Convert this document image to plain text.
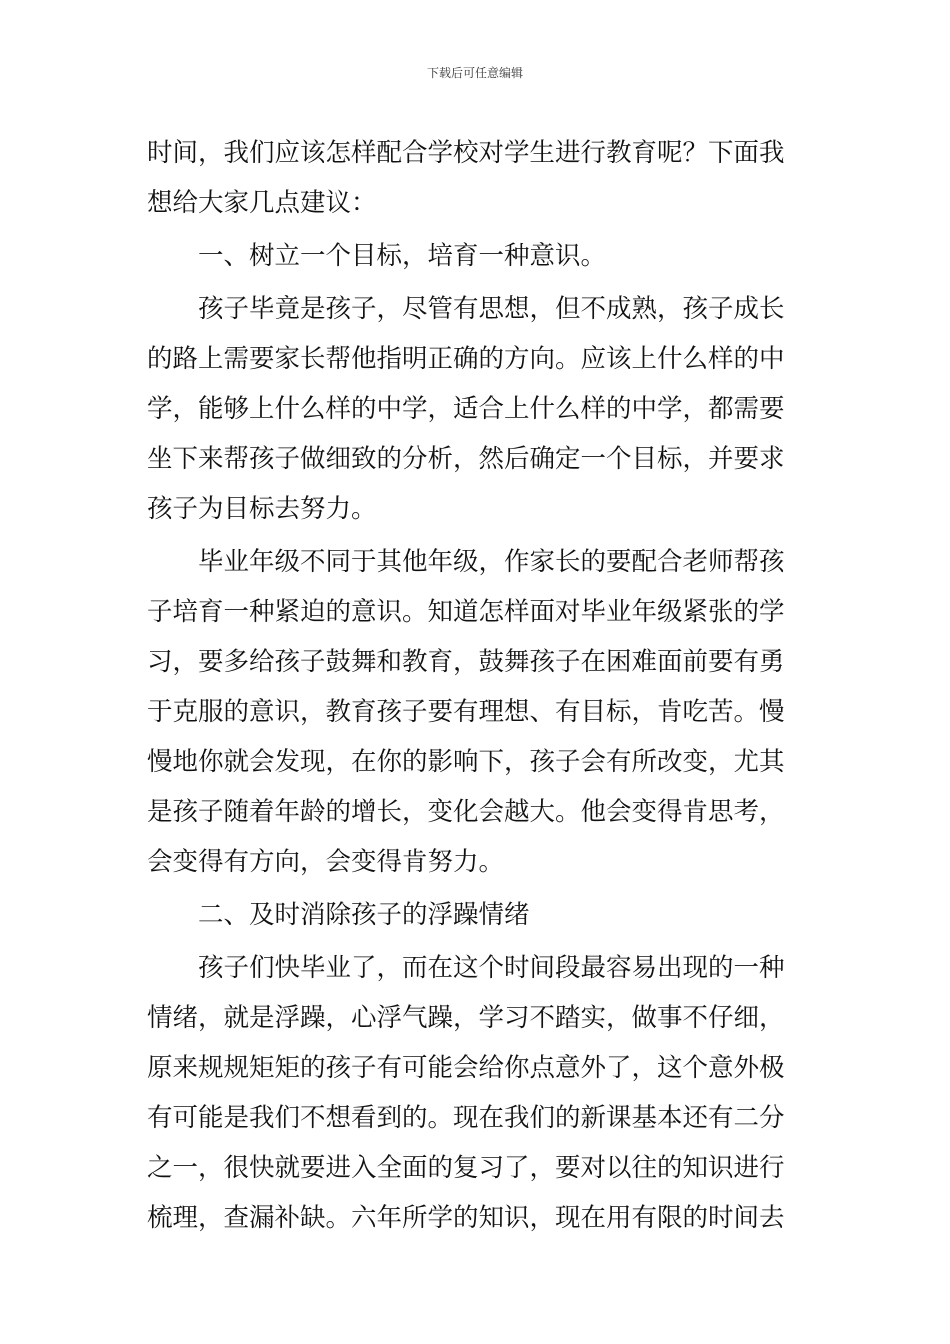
下载后可任意编辑
时间，我们应该怎样配合学校对学生进行教育呢？下面我
想给大家几点建议：
一、树立一个目标，培育一种意识。
孩子毕竟是孩子，尽管有思想，但不成熟，孩子成长
的路上需要家长帮他指明正确的方向。应该上什么样的中
学，能够上什么样的中学，适合上什么样的中学，都需要
坐下来帮孩子做细致的分析，然后确定一个目标，并要求
孩子为目标去努力。
毕业年级不同于其他年级，作家长的要配合老师帮孩
子培育一种紧迫的意识。知道怎样面对毕业年级紧张的学
习，要多给孩子鼓舞和教育，鼓舞孩子在困难面前要有勇
于克服的意识，教育孩子要有理想、有目标，肯吃苦。慢
慢地你就会发现，在你的影响下，孩子会有所改变，尤其
是孩子随着年龄的增长，变化会越大。他会变得肯思考，
会变得有方向，会变得肯努力。
二、及时消除孩子的浮躁情绪
孩子们快毕业了，而在这个时间段最容易出现的一种
情绪，就是浮躁，心浮气躁，学习不踏实，做事不仔细，
原来规规矩矩的孩子有可能会给你点意外了，这个意外极
有可能是我们不想看到的。现在我们的新课基本还有二分
之一，很快就要进入全面的复习了，要对以往的知识进行
梳理，查漏补缺。六年所学的知识，现在用有限的时间去
